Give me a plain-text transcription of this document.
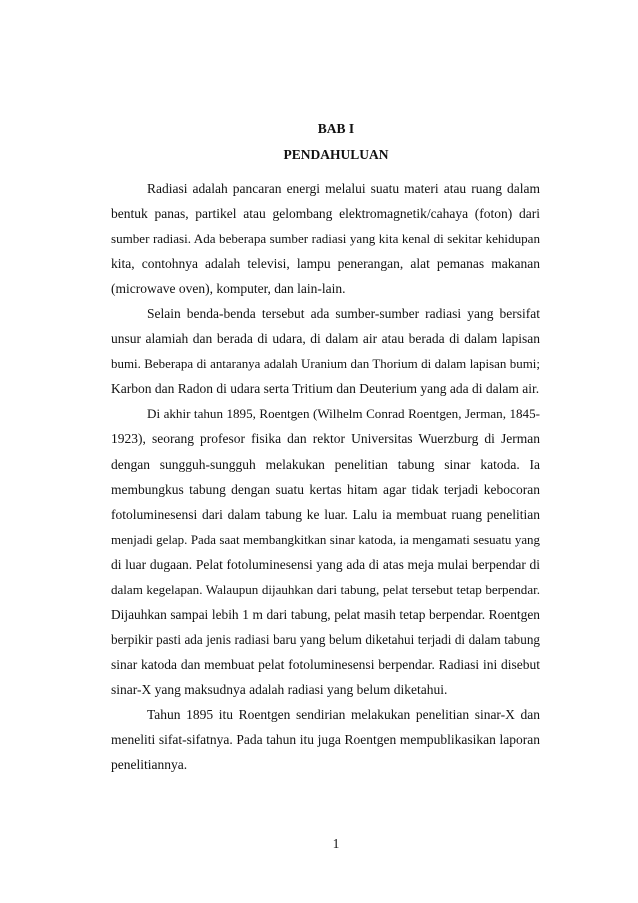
BAB I
PENDAHULUAN

Radiasi adalah pancaran energi melalui suatu materi atau ruang dalam
bentuk panas, partikel atau gelombang elektromagnetik/cahaya (foton) dari
sumber radiasi. Ada beberapa sumber radiasi yang kita kenal di sekitar kehidupan
kita, contohnya adalah televisi, lampu penerangan, alat pemanas makanan
(microwave oven), komputer, dan lain-lain.

Selain benda-benda tersebut ada sumber-sumber radiasi yang bersifat
unsur alamiah dan berada di udara, di dalam air atau berada di dalam lapisan
bumi. Beberapa di antaranya adalah Uranium dan Thorium di dalam lapisan bumi;
Karbon dan Radon di udara serta Tritium dan Deuterium yang ada di dalam air.

Di akhir tahun 1895, Roentgen (Wilhelm Conrad Roentgen, Jerman, 1845-
1923), seorang profesor fisika dan rektor Universitas Wuerzburg di Jerman
dengan sungguh-sungguh melakukan penelitian tabung sinar katoda. Ia
membungkus tabung dengan suatu kertas hitam agar tidak terjadi kebocoran
fotoluminesensi dari dalam tabung ke luar. Lalu ia membuat ruang penelitian
menjadi gelap. Pada saat membangkitkan sinar katoda, ia mengamati sesuatu yang
di luar dugaan. Pelat fotoluminesensi yang ada di atas meja mulai berpendar di
dalam kegelapan. Walaupun dijauhkan dari tabung, pelat tersebut tetap berpendar.
Dijauhkan sampai lebih 1 m dari tabung, pelat masih tetap berpendar. Roentgen
berpikir pasti ada jenis radiasi baru yang belum diketahui terjadi di dalam tabung
sinar katoda dan membuat pelat fotoluminesensi berpendar. Radiasi ini disebut
sinar-X yang maksudnya adalah radiasi yang belum diketahui.

Tahun 1895 itu Roentgen sendirian melakukan penelitian sinar-X dan
meneliti sifat-sifatnya. Pada tahun itu juga Roentgen mempublikasikan laporan
penelitiannya.

1
